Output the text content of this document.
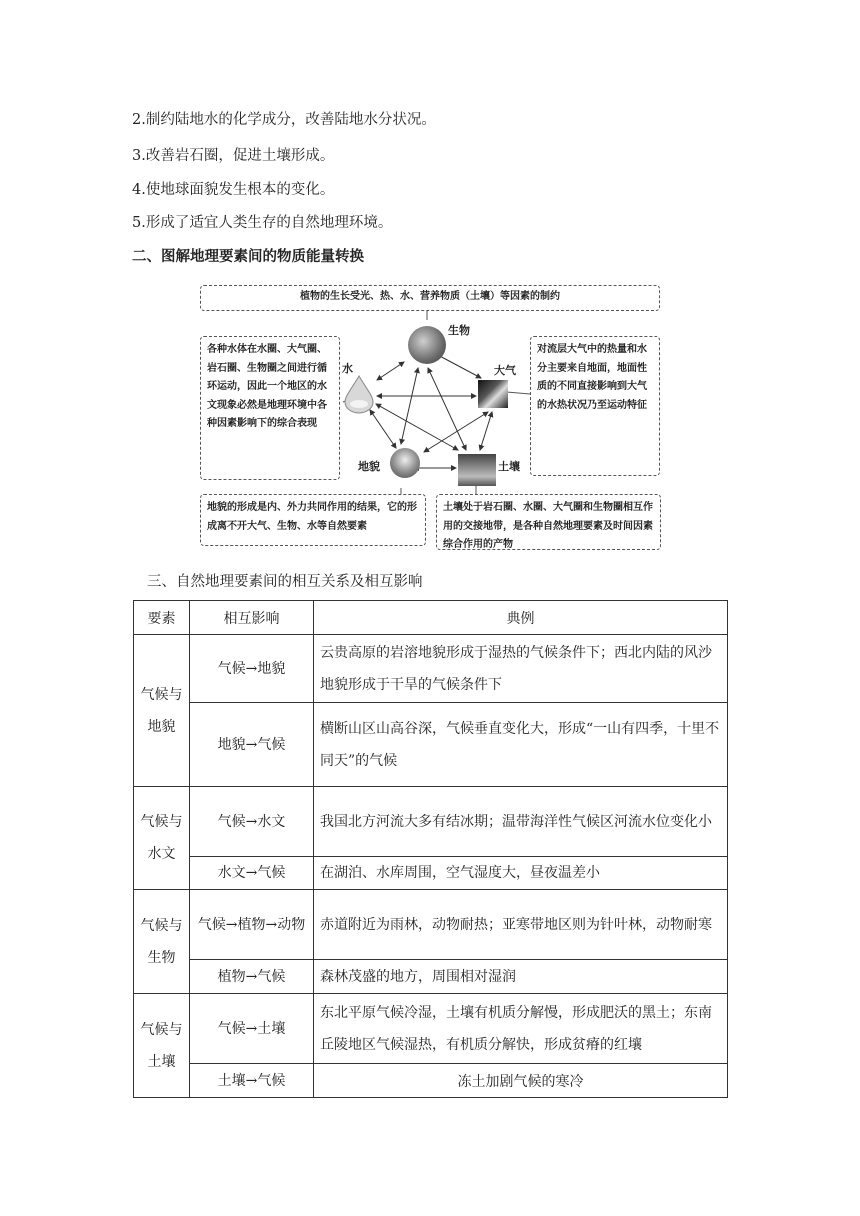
2.制约陆地水的化学成分，改善陆地水分状况。
3.改善岩石圈，促进土壤形成。
4.使地球面貌发生根本的变化。
5.形成了适宜人类生存的自然地理环境。
二、图解地理要素间的物质能量转换
植物的生长受光、热、水、营养物质（土壤）等因素的制约
各种水体在水圈、大气圈、岩石圈、生物圈之间进行循环运动，因此一个地区的水文现象必然是地理环境中各种因素影响下的综合表现
对流层大气中的热量和水分主要来自地面，地面性质的不同直接影响到大气的水热状况乃至运动特征
地貌的形成是内、外力共同作用的结果，它的形成离不开大气、生物、水等自然要素
土壤处于岩石圈、水圈、大气圈和生物圈相互作用的交接地带，是各种自然地理要素及时间因素综合作用的产物
生物
水	大气
地貌	土壤
三、自然地理要素间的相互关系及相互影响
要素	相互影响	典例
气候与地貌	气候→地貌	云贵高原的岩溶地貌形成于湿热的气候条件下；西北内陆的风沙地貌形成于干旱的气候条件下
	地貌→气候	横断山区山高谷深，气候垂直变化大，形成“一山有四季，十里不同天”的气候
气候与水文	气候→水文	我国北方河流大多有结冰期；温带海洋性气候区河流水位变化小
	水文→气候	在湖泊、水库周围，空气湿度大，昼夜温差小
气候与生物	气候→植物→动物	赤道附近为雨林，动物耐热；亚寒带地区则为针叶林，动物耐寒
	植物→气候	森林茂盛的地方，周围相对湿润
气候与土壤	气候→土壤	东北平原气候冷湿，土壤有机质分解慢，形成肥沃的黑土；东南丘陵地区气候湿热，有机质分解快，形成贫瘠的红壤
	土壤→气候	冻土加剧气候的寒冷
